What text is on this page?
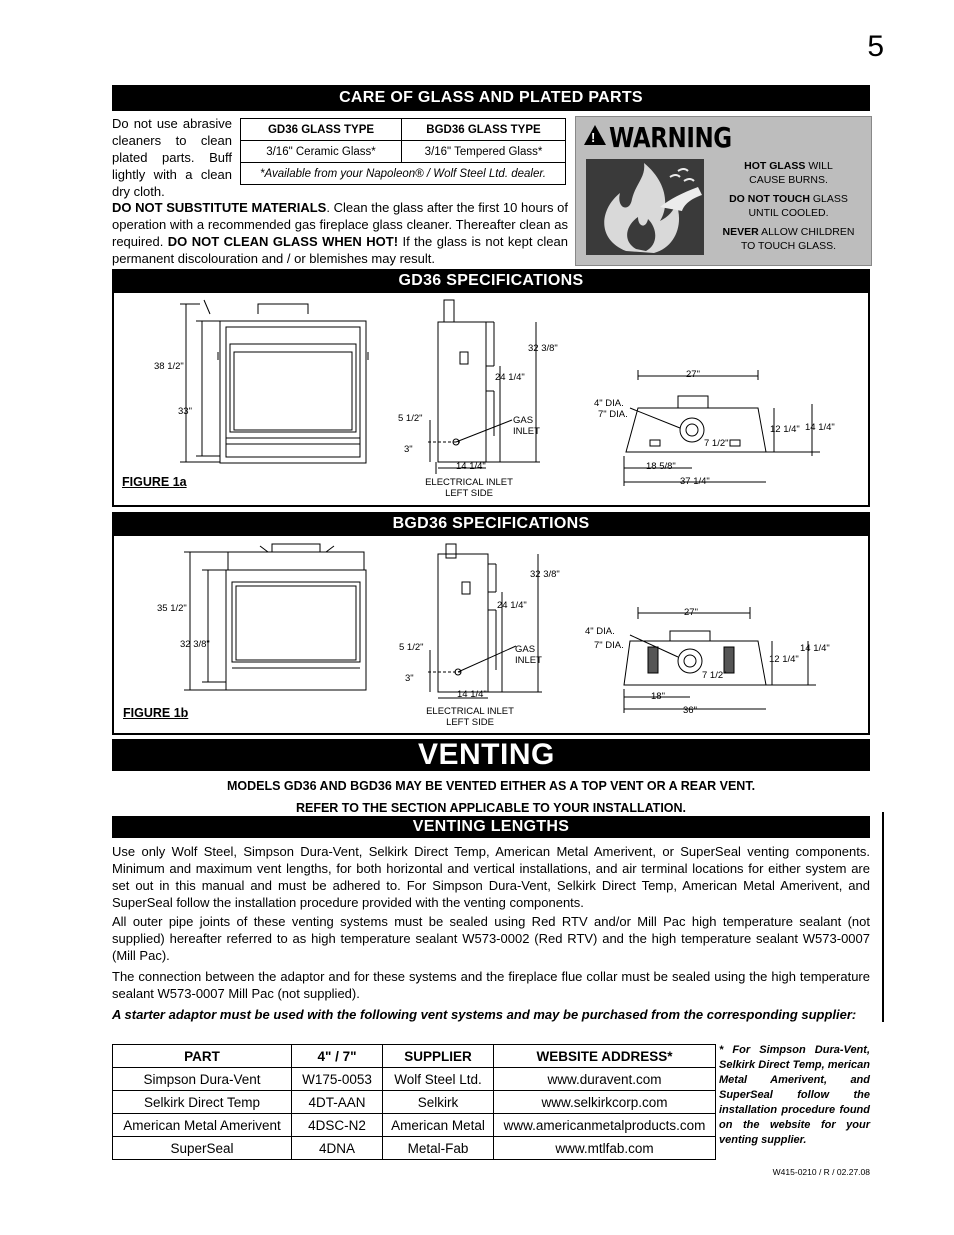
5
CARE OF GLASS AND PLATED PARTS
Do not use abrasive cleaners to clean plated parts. Buff lightly with a clean dry cloth.
GD36 GLASS TYPE	BGD36 GLASS TYPE
3/16" Ceramic Glass*	3/16" Tempered Glass*
*Available from your Napoleon® / Wolf Steel Ltd. dealer.	
DO NOT SUBSTITUTE MATERIALS. Clean the glass after the first 10 hours of operation with a recommended gas fireplace glass cleaner. Thereafter clean as required. DO NOT CLEAN GLASS WHEN HOT! If the glass is not kept clean permanent discolouration and / or blemishes may result.
! WARNING
HOT GLASS WILL
CAUSE BURNS.
DO NOT TOUCH GLASS
UNTIL COOLED.
NEVER ALLOW CHILDREN
TO TOUCH GLASS.
GD36 SPECIFICATIONS
38 1/2"
33"
FIGURE 1a
32 3/8"
24 1/4"
5 1/2"
3"
GAS INLET
14 1/4"
ELECTRICAL INLET
LEFT SIDE
27"
4" DIA.
7" DIA.
7 1/2"
12 1/4" 14 1/4"
18 5/8"
37 1/4"
BGD36 SPECIFICATIONS
35 1/2"
32 3/8"
FIGURE 1b
32 3/8"
24 1/4"
5 1/2"
3"
GAS INLET
14 1/4"
ELECTRICAL INLET
LEFT SIDE
27"
4" DIA.
7" DIA.
7 1/2"
12 1/4"
14 1/4"
18"
36"
VENTING
MODELS GD36 AND BGD36 MAY BE VENTED EITHER AS A TOP VENT OR A REAR VENT.
REFER TO THE SECTION APPLICABLE TO YOUR INSTALLATION.
VENTING LENGTHS
Use only Wolf Steel, Simpson Dura-Vent, Selkirk Direct Temp, American Metal Amerivent, or SuperSeal venting components. Minimum and maximum vent lengths, for both horizontal and vertical installations, and air terminal locations for either system are set out in this manual and must be adhered to. For Simpson Dura-Vent, Selkirk Direct Temp, American Metal Amerivent, and SuperSeal follow the installation procedure provided with the venting components.
All outer pipe joints of these venting systems must be sealed using Red RTV and/or Mill Pac high temperature sealant (not supplied) hereafter referred to as high temperature sealant W573-0002 (Red RTV) and the high temperature sealant W573-0007 (Mill Pac).
The connection between the adaptor and for these systems and the fireplace flue collar must be sealed using the high temperature sealant W573-0007 Mill Pac (not supplied).
A starter adaptor must be used with the following vent systems and may be purchased from the corresponding supplier:
PART	4" / 7"	SUPPLIER	WEBSITE ADDRESS*
Simpson Dura-Vent	W175-0053	Wolf Steel Ltd.	www.duravent.com
Selkirk Direct Temp	4DT-AAN	Selkirk	www.selkirkcorp.com
American Metal Amerivent	4DSC-N2	American Metal	www.americanmetalproducts.com
SuperSeal	4DNA	Metal-Fab	www.mtlfab.com
* For Simpson Dura-Vent, Selkirk Direct Temp, merican Metal Amerivent, and SuperSeal follow the installation procedure found on the website for your venting supplier.
W415-0210 / R / 02.27.08
